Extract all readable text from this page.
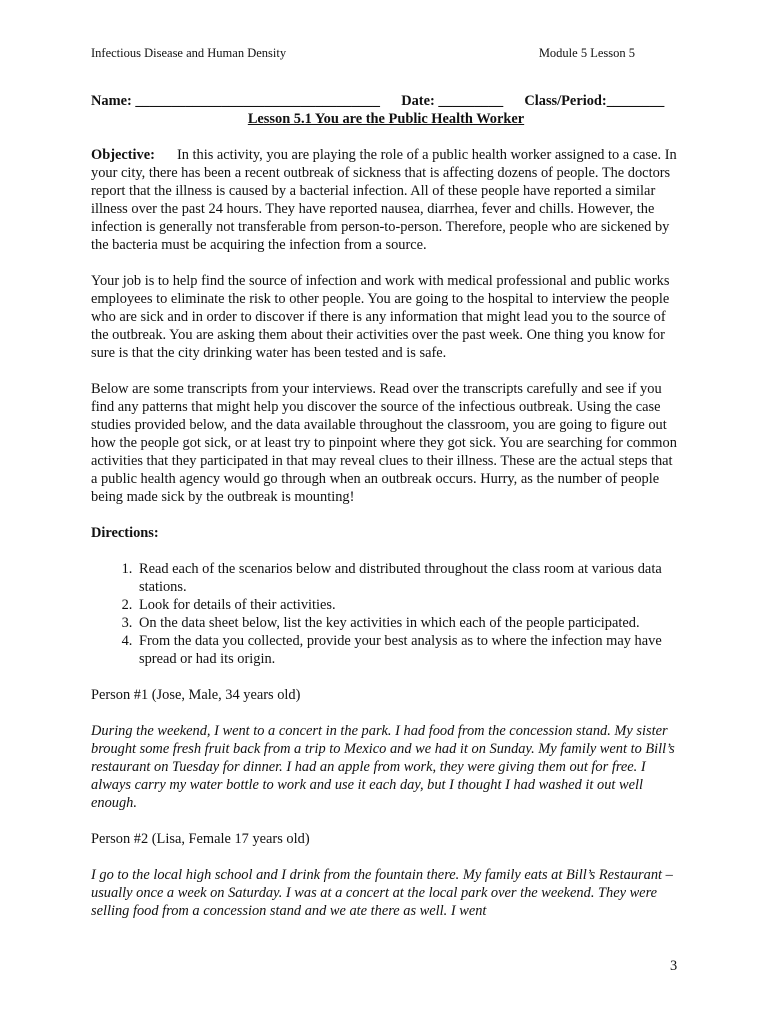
Infectious Disease and Human Density	Module 5 Lesson 5
Name: __________________________________ Date: _________ Class/Period:________
Lesson 5.1 You are the Public Health Worker

Objective: In this activity, you are playing the role of a public health worker assigned to a case. In your city, there has been a recent outbreak of sickness that is affecting dozens of people. The doctors report that the illness is caused by a bacterial infection. All of these people have reported a similar illness over the past 24 hours. They have reported nausea, diarrhea, fever and chills. However, the infection is generally not transferable from person-to-person. Therefore, people who are sickened by the bacteria must be acquiring the infection from a source.

Your job is to help find the source of infection and work with medical professional and public works employees to eliminate the risk to other people. You are going to the hospital to interview the people who are sick and in order to discover if there is any information that might lead you to the source of the outbreak. You are asking them about their activities over the past week. One thing you know for sure is that the city drinking water has been tested and is safe.

Below are some transcripts from your interviews. Read over the transcripts carefully and see if you find any patterns that might help you discover the source of the infectious outbreak. Using the case studies provided below, and the data available throughout the classroom, you are going to figure out how the people got sick, or at least try to pinpoint where they got sick. You are searching for common activities that they participated in that may reveal clues to their illness. These are the actual steps that a public health agency would go through when an outbreak occurs. Hurry, as the number of people being made sick by the outbreak is mounting!

Directions:

1. Read each of the scenarios below and distributed throughout the class room at various data stations.
2. Look for details of their activities.
3. On the data sheet below, list the key activities in which each of the people participated.
4. From the data you collected, provide your best analysis as to where the infection may have spread or had its origin.

Person #1 (Jose, Male, 34 years old)

During the weekend, I went to a concert in the park. I had food from the concession stand. My sister brought some fresh fruit back from a trip to Mexico and we had it on Sunday. My family went to Bill’s restaurant on Tuesday for dinner. I had an apple from work, they were giving them out for free. I always carry my water bottle to work and use it each day, but I thought I had washed it out well enough.

Person #2 (Lisa, Female 17 years old)

I go to the local high school and I drink from the fountain there. My family eats at Bill’s Restaurant – usually once a week on Saturday. I was at a concert at the local park over the weekend. They were selling food from a concession stand and we ate there as well. I went

3
